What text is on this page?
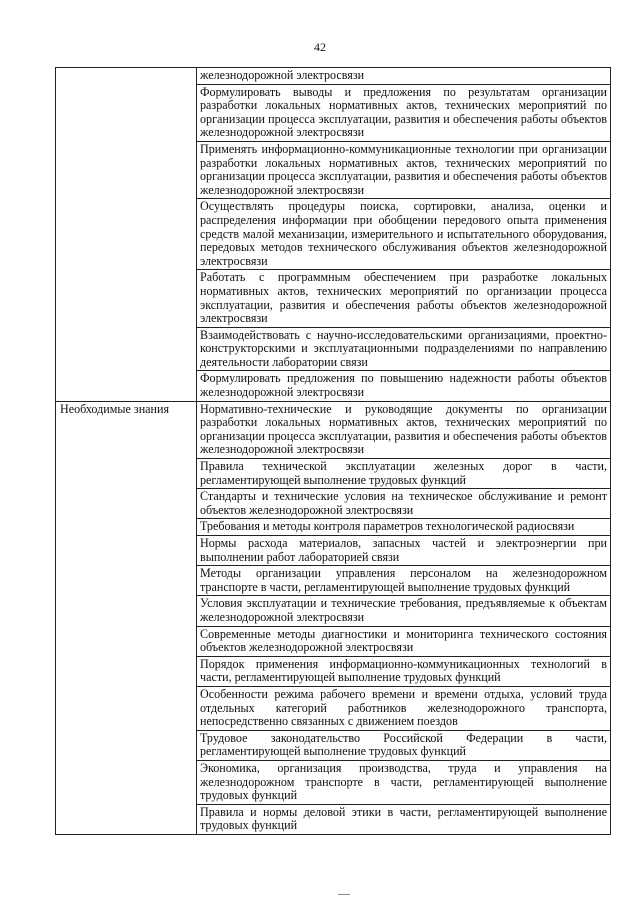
42
	железнодорожной электросвязи
	Формулировать выводы и предложения по результатам организации разработки локальных нормативных актов, технических мероприятий по организации процесса эксплуатации, развития и обеспечения работы объектов железнодорожной электросвязи
	Применять информационно-коммуникационные технологии при организации разработки локальных нормативных актов, технических мероприятий по организации процесса эксплуатации, развития и обеспечения работы объектов железнодорожной электросвязи
	Осуществлять процедуры поиска, сортировки, анализа, оценки и распределения информации при обобщении передового опыта применения средств малой механизации, измерительного и испытательного оборудования, передовых методов технического обслуживания объектов железнодорожной электросвязи
	Работать с программным обеспечением при разработке локальных нормативных актов, технических мероприятий по организации процесса эксплуатации, развития и обеспечения работы объектов железнодорожной электросвязи
	Взаимодействовать с научно-исследовательскими организациями, проектно-конструкторскими и эксплуатационными подразделениями по направлению деятельности лаборатории связи
	Формулировать предложения по повышению надежности работы объектов железнодорожной электросвязи
Необходимые знания	Нормативно-технические и руководящие документы по организации разработки локальных нормативных актов, технических мероприятий по организации процесса эксплуатации, развития и обеспечения работы объектов железнодорожной электросвязи
	Правила технической эксплуатации железных дорог в части, регламентирующей выполнение трудовых функций
	Стандарты и технические условия на техническое обслуживание и ремонт объектов железнодорожной электросвязи
	Требования и методы контроля параметров технологической радиосвязи
	Нормы расхода материалов, запасных частей и электроэнергии при выполнении работ лабораторией связи
	Методы организации управления персоналом на железнодорожном транспорте в части, регламентирующей выполнение трудовых функций
	Условия эксплуатации и технические требования, предъявляемые к объектам железнодорожной электросвязи
	Современные методы диагностики и мониторинга технического состояния объектов железнодорожной электросвязи
	Порядок применения информационно-коммуникационных технологий в части, регламентирующей выполнение трудовых функций
	Особенности режима рабочего времени и времени отдыха, условий труда отдельных категорий работников железнодорожного транспорта, непосредственно связанных с движением поездов
	Трудовое законодательство Российской Федерации в части, регламентирующей выполнение трудовых функций
	Экономика, организация производства, труда и управления на железнодорожном транспорте в части, регламентирующей выполнение трудовых функций
	Правила и нормы деловой этики в части, регламентирующей выполнение трудовых функций
